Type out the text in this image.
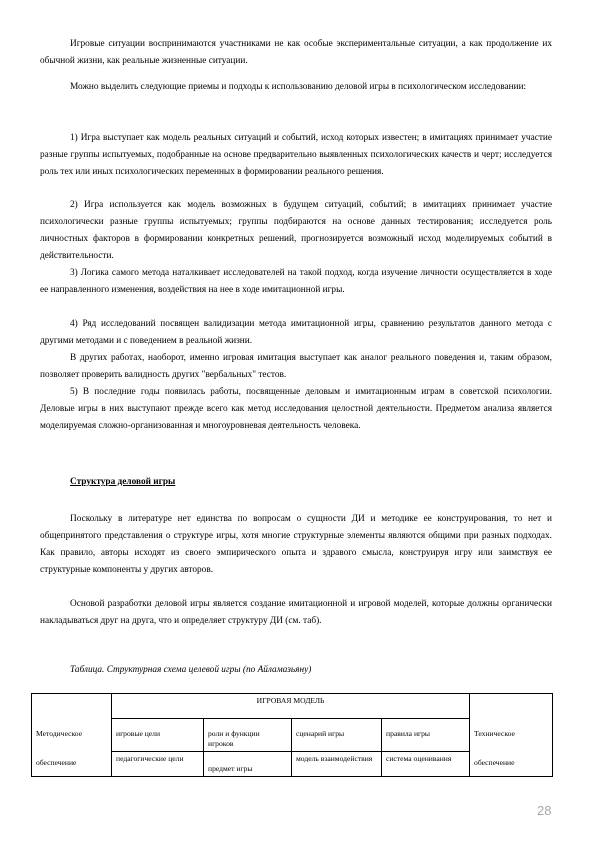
Игровые ситуации воспринимаются участниками не как особые экспериментальные ситуации, а как продолжение их обычной жизни, как реальные жизненные ситуации.

Можно выделить следующие приемы и подходы к использованию деловой игры в психологическом исследовании:

1) Игра выступает как модель реальных ситуаций и событий, исход которых известен; в имитациях принимает участие разные группы испытуемых, подобранные на основе предварительно выявленных психологических качеств и черт; исследуется роль тех или иных психологических переменных в формировании реального решения.

2) Игра используется как модель возможных в будущем ситуаций, событий; в имитациях принимает участие психологически разные группы испытуемых; группы подбираются на основе данных тестирования; исследуется роль личностных факторов в формировании конкретных решений, прогнозируется возможный исход моделируемых событий в действительности.

3) Логика самого метода наталкивает исследователей на такой подход, когда изучение личности осуществляется в ходе ее направленного изменения, воздействия на нее в ходе имитационной игры.

4) Ряд исследований посвящен валидизации метода имитационной игры, сравнению результатов данного метода с другими методами и с поведением в реальной жизни.

В других работах, наоборот, именно игровая имитация выступает как аналог реального поведения и, таким образом, позволяет проверить валидность других "вербальных" тестов.

5) В последние годы появилась работы, посвященные деловым и имитационным играм в советской психологии. Деловые игры в них выступают прежде всего как метод исследования целостной деятельности. Предметом анализа является моделируемая сложно-организованная и многоуровневая деятельность человека.

Структура деловой игры

Поскольку в литературе нет единства по вопросам о сущности ДИ и методике ее конструирования, то нет и общепринятого представления о структуре игры, хотя многие структурные элементы являются общими при разных подходах. Как правило, авторы исходят из своего эмпирического опыта и здравого смысла, конструируя игру или заимствуя ее структурные компоненты у других авторов.

Основой разработки деловой игры является создание имитационной и игровой моделей, которые должны органически накладываться друг на друга, что и определяет структуру ДИ (см. таб).

Таблица. Структурная схема целевой игры (по Айламазьяну)

	ИГРОВАЯ МОДЕЛЬ				
Методическое	игровые цели	роли и функции игроков	сценарий игры	правила игры	Техническое
обеспечение	педагогические цели	предмет игры	модель взаимодействия	система оценивания	обеспечение
28
